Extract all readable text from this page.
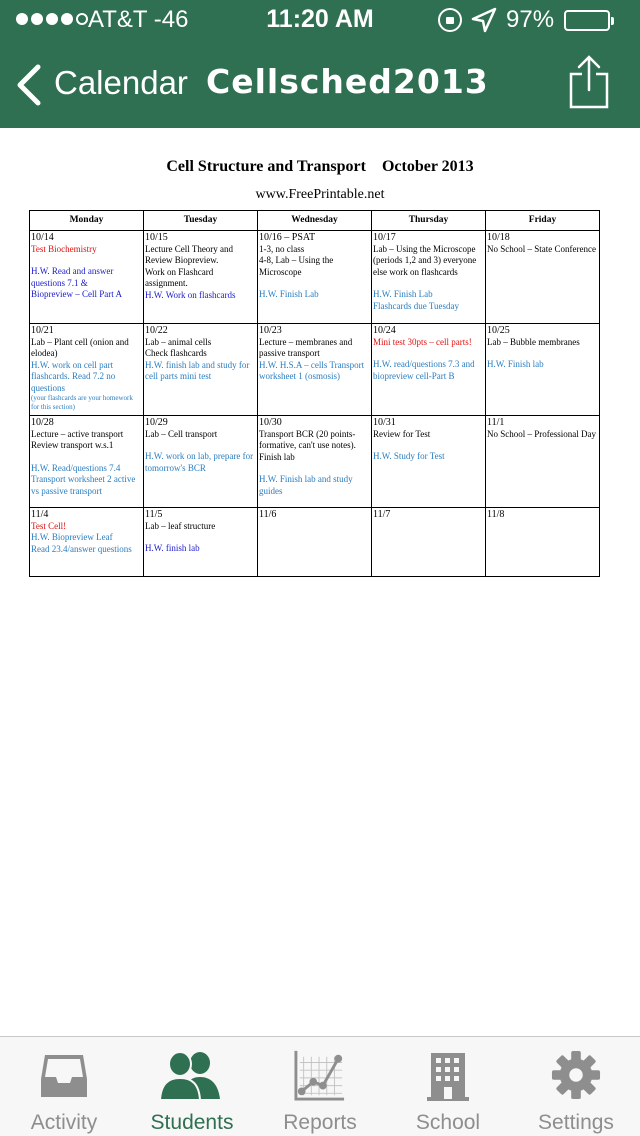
AT&T -46	11:20 AM	97%
Calendar Cellsched2013
Cell Structure and Transport    October 2013
www.FreePrintable.net
Monday	Tuesday	Wednesday	Thursday	Friday

10/14
Test Biochemistry
H.W. Read and answer questions 7.1 &
Biopreview – Cell Part A	10/15
Lecture Cell Theory and Review Biopreview.
Work on Flashcard assignment.
H.W. Work on flashcards	10/16 – PSAT
1-3, no class
4-8, Lab – Using the Microscope
H.W. Finish Lab	10/17
Lab – Using the Microscope (periods 1,2 and 3) everyone else work on flashcards
H.W. Finish Lab
Flashcards due Tuesday	10/18
No School – State Conference

10/21
Lab – Plant cell (onion and elodea)
H.W. work on cell part flashcards. Read 7.2 no questions
(your flashcards are your homework for this section)	10/22
Lab – animal cells
Check flashcards
H.W. finish lab and study for cell parts mini test	10/23
Lecture – membranes and passive transport
H.W. H.S.A – cells Transport worksheet 1 (osmosis)	10/24
Mini test 30pts – cell parts!
H.W. read/questions 7.3 and biopreview cell-Part B	10/25
Lab – Bubble membranes
H.W. Finish lab

10/28
Lecture – active transport
Review transport w.s.1
H.W. Read/questions 7.4 Transport worksheet 2 active vs passive transport	10/29
Lab – Cell transport
H.W. work on lab, prepare for tomorrow's BCR	10/30
Transport BCR (20 points- formative, can't use notes).
Finish lab
H.W. Finish lab and study guides	10/31
Review for Test
H.W. Study for Test	11/1
No School – Professional Day

11/4
Test Cell!
H.W. Biopreview Leaf
Read 23.4/answer questions	11/5
Lab – leaf structure
H.W. finish lab	11/6	11/7	11/8
Activity	Students	Reports	School	Settings
